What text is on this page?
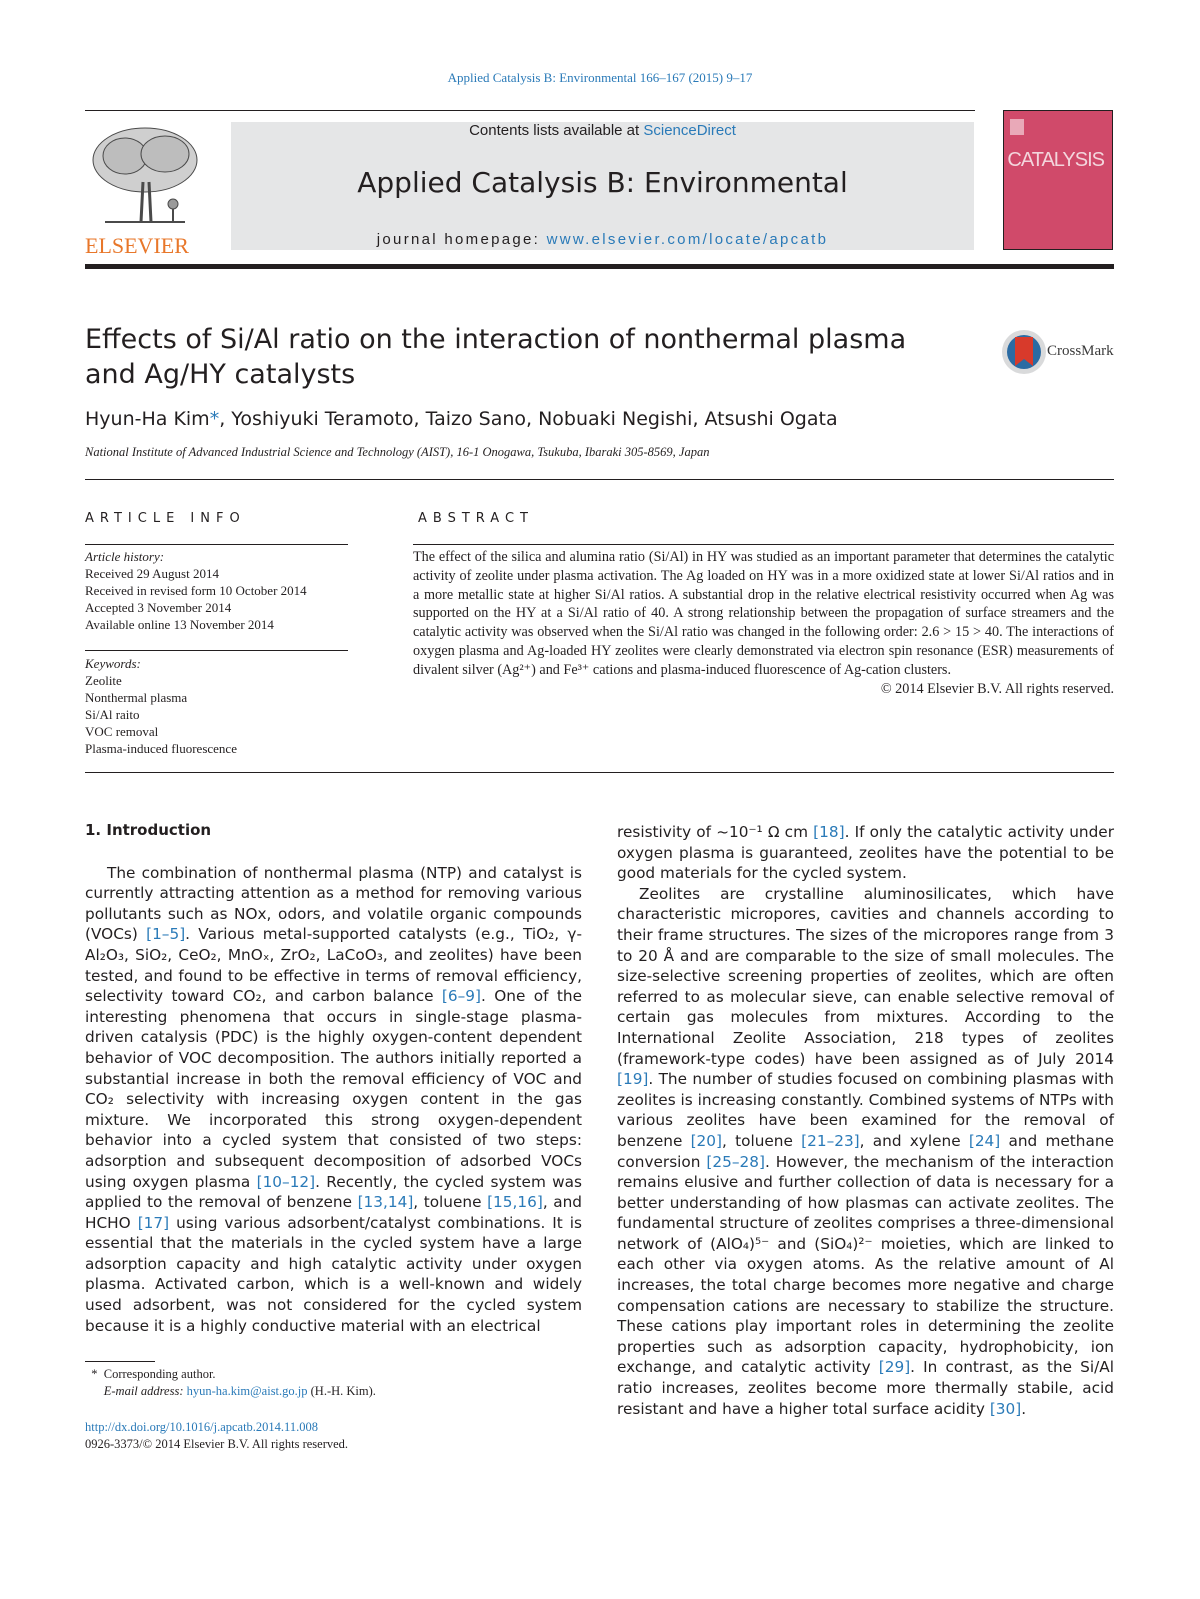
Applied Catalysis B: Environmental 166–167 (2015) 9–17
ELSEVIER
Contents lists available at ScienceDirect
Applied Catalysis B: Environmental
journal homepage: www.elsevier.com/locate/apcatb
CATALYSIS
Effects of Si/Al ratio on the interaction of nonthermal plasma and Ag/HY catalysts
CrossMark
Hyun-Ha Kim*, Yoshiyuki Teramoto, Taizo Sano, Nobuaki Negishi, Atsushi Ogata
National Institute of Advanced Industrial Science and Technology (AIST), 16-1 Onogawa, Tsukuba, Ibaraki 305-8569, Japan
ARTICLE INFO
Article history:
Received 29 August 2014
Received in revised form 10 October 2014
Accepted 3 November 2014
Available online 13 November 2014
Keywords:
Zeolite
Nonthermal plasma
Si/Al raito
VOC removal
Plasma-induced fluorescence
ABSTRACT
The effect of the silica and alumina ratio (Si/Al) in HY was studied as an important parameter that determines the catalytic activity of zeolite under plasma activation. The Ag loaded on HY was in a more oxidized state at lower Si/Al ratios and in a more metallic state at higher Si/Al ratios. A substantial drop in the relative electrical resistivity occurred when Ag was supported on the HY at a Si/Al ratio of 40. A strong relationship between the propagation of surface streamers and the catalytic activity was observed when the Si/Al ratio was changed in the following order: 2.6 > 15 > 40. The interactions of oxygen plasma and Ag-loaded HY zeolites were clearly demonstrated via electron spin resonance (ESR) measurements of divalent silver (Ag²⁺) and Fe³⁺ cations and plasma-induced fluorescence of Ag-cation clusters.
© 2014 Elsevier B.V. All rights reserved.
1. Introduction

The combination of nonthermal plasma (NTP) and catalyst is currently attracting attention as a method for removing various pollutants such as NOx, odors, and volatile organic compounds (VOCs) [1–5]. Various metal-supported catalysts (e.g., TiO₂, γ-Al₂O₃, SiO₂, CeO₂, MnOₓ, ZrO₂, LaCoO₃, and zeolites) have been tested, and found to be effective in terms of removal efficiency, selectivity toward CO₂, and carbon balance [6–9]. One of the interesting phenomena that occurs in single-stage plasma-driven catalysis (PDC) is the highly oxygen-content dependent behavior of VOC decomposition. The authors initially reported a substantial increase in both the removal efficiency of VOC and CO₂ selectivity with increasing oxygen content in the gas mixture. We incorporated this strong oxygen-dependent behavior into a cycled system that consisted of two steps: adsorption and subsequent decomposition of adsorbed VOCs using oxygen plasma [10–12]. Recently, the cycled system was applied to the removal of benzene [13,14], toluene [15,16], and HCHO [17] using various adsorbent/catalyst combinations. It is essential that the materials in the cycled system have a large adsorption capacity and high catalytic activity under oxygen plasma. Activated carbon, which is a well-known and widely used adsorbent, was not considered for the cycled system because it is a highly conductive material with an electrical

resistivity of ~10⁻¹ Ω cm [18]. If only the catalytic activity under oxygen plasma is guaranteed, zeolites have the potential to be good materials for the cycled system.

Zeolites are crystalline aluminosilicates, which have characteristic micropores, cavities and channels according to their frame structures. The sizes of the micropores range from 3 to 20 Å and are comparable to the size of small molecules. The size-selective screening properties of zeolites, which are often referred to as molecular sieve, can enable selective removal of certain gas molecules from mixtures. According to the International Zeolite Association, 218 types of zeolites (framework-type codes) have been assigned as of July 2014 [19]. The number of studies focused on combining plasmas with zeolites is increasing constantly. Combined systems of NTPs with various zeolites have been examined for the removal of benzene [20], toluene [21–23], and xylene [24] and methane conversion [25–28]. However, the mechanism of the interaction remains elusive and further collection of data is necessary for a better understanding of how plasmas can activate zeolites. The fundamental structure of zeolites comprises a three-dimensional network of (AlO₄)⁵⁻ and (SiO₄)²⁻ moieties, which are linked to each other via oxygen atoms. As the relative amount of Al increases, the total charge becomes more negative and charge compensation cations are necessary to stabilize the structure. These cations play important roles in determining the zeolite properties such as adsorption capacity, hydrophobicity, ion exchange, and catalytic activity [29]. In contrast, as the Si/Al ratio increases, zeolites become more thermally stabile, acid resistant and have a higher total surface acidity [30].

* Corresponding author.
E-mail address: hyun-ha.kim@aist.go.jp (H.-H. Kim).
http://dx.doi.org/10.1016/j.apcatb.2014.11.008
0926-3373/© 2014 Elsevier B.V. All rights reserved.
